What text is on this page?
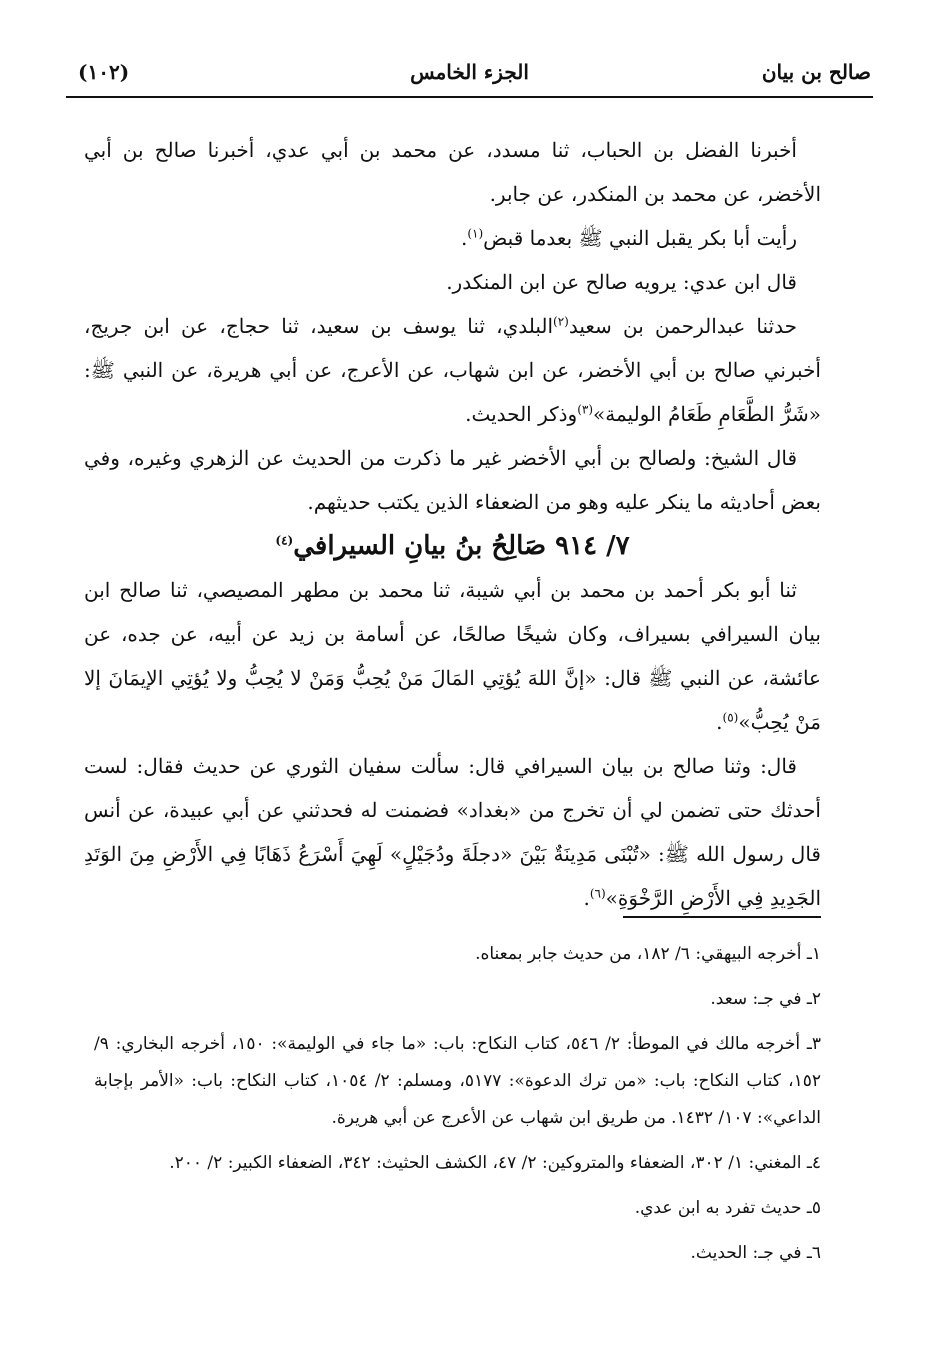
صالح بن بيان
الجزء الخامس
(١٠٢)

أخبرنا الفضل بن الحباب، ثنا مسدد، عن محمد بن أبي عدي، أخبرنا صالح بن أبي الأخضر، عن محمد بن المنكدر، عن جابر.

رأيت أبا بكر يقبل النبي ﷺ بعدما قبض$^{(١)}$.

قال ابن عدي: يرويه صالح عن ابن المنكدر.

حدثنا عبدالرحمن بن سعيد$^{(٢)}$البلدي، ثنا يوسف بن سعيد، ثنا حجاج، عن ابن جريج، أخبرني صالح بن أبي الأخضر، عن ابن شهاب، عن الأعرج، عن أبي هريرة، عن النبي ﷺ: «شَرُّ الطَّعَامِ طَعَامُ الوليمة»$^{(٣)}$وذكر الحديث.

قال الشيخ: ولصالح بن أبي الأخضر غير ما ذكرت من الحديث عن الزهري وغيره، وفي بعض أحاديثه ما ينكر عليه وهو من الضعفاء الذين يكتب حديثهم.

٧/ ٩١٤ صَالِحُ بنُ بيانِ السيرافي$^{(٤)}$

ثنا أبو بكر أحمد بن محمد بن أبي شيبة، ثنا محمد بن مطهر المصيصي، ثنا صالح ابن بيان السيرافي بسيراف، وكان شيخًا صالحًا، عن أسامة بن زيد عن أبيه، عن جده، عن عائشة، عن النبي ﷺ قال: «إنَّ اللهَ يُؤتِي المَالَ مَنْ يُحِبُّ وَمَنْ لا يُحِبُّ ولا يُؤتِي الإيمَانَ إلا مَنْ يُحِبُّ»$^{(٥)}$.

قال: وثنا صالح بن بيان السيرافي قال: سألت سفيان الثوري عن حديث فقال: لست أحدثك حتى تضمن لي أن تخرج من «بغداد» فضمنت له فحدثني عن أبي عبيدة، عن أنس قال رسول الله ﷺ: «تُبْنَى مَدِينَةٌ بَيْنَ «دجلَةَ ودُجَيْلٍ» لَهِيَ أَسْرَعُ ذَهَابًا فِي الأَرْضِ مِنَ الوَتَدِ الجَدِيدِ فِي الأَرْضِ الرَّخْوَةِ»$^{(٦)}$.

١ـ أخرجه البيهقي: ٦/ ١٨٢، من حديث جابر بمعناه.

٢ـ في جـ: سعد.

٣ـ أخرجه مالك في الموطأ: ٢/ ٥٤٦، كتاب النكاح: باب: «ما جاء في الوليمة»: ١٥٠، أخرجه البخاري: ٩/ ١٥٢، كتاب النكاح: باب: «من ترك الدعوة»: ٥١٧٧، ومسلم: ٢/ ١٠٥٤، كتاب النكاح: باب: «الأمر بإجابة الداعي»: ١٠٧/ ١٤٣٢. من طريق ابن شهاب عن الأعرج عن أبي هريرة.

٤ـ المغني: ١/ ٣٠٢، الضعفاء والمتروكين: ٢/ ٤٧، الكشف الحثيث: ٣٤٢، الضعفاء الكبير: ٢/ ٢٠٠.

٥ـ حديث تفرد به ابن عدي.

٦ـ في جـ: الحديث.
